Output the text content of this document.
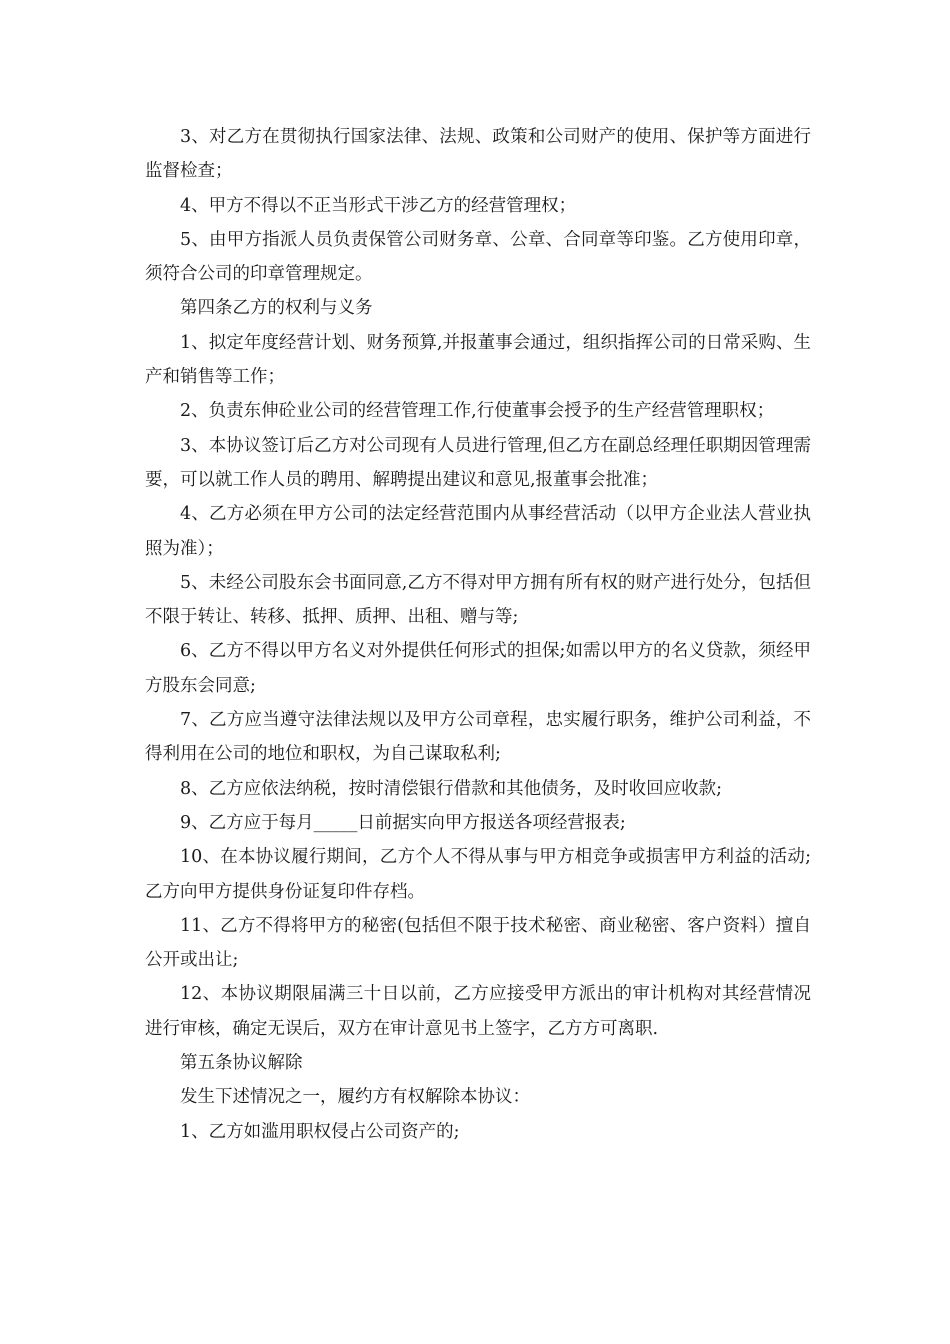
3、对乙方在贯彻执行国家法律、法规、政策和公司财产的使用、保护等方面进行监督检查；

4、甲方不得以不正当形式干涉乙方的经营管理权；

5、由甲方指派人员负责保管公司财务章、公章、合同章等印鉴。乙方使用印章，须符合公司的印章管理规定。

第四条乙方的权利与义务

1、拟定年度经营计划、财务预算,并报董事会通过，组织指挥公司的日常采购、生产和销售等工作；

2、负责东伸砼业公司的经营管理工作,行使董事会授予的生产经营管理职权；

3、本协议签订后乙方对公司现有人员进行管理,但乙方在副总经理任职期因管理需要，可以就工作人员的聘用、解聘提出建议和意见,报董事会批准；

4、乙方必须在甲方公司的法定经营范围内从事经营活动（以甲方企业法人营业执照为准）；

5、未经公司股东会书面同意,乙方不得对甲方拥有所有权的财产进行处分，包括但不限于转让、转移、抵押、质押、出租、赠与等;

6、乙方不得以甲方名义对外提供任何形式的担保;如需以甲方的名义贷款，须经甲方股东会同意;

7、乙方应当遵守法律法规以及甲方公司章程，忠实履行职务，维护公司利益，不得利用在公司的地位和职权，为自己谋取私利;

8、乙方应依法纳税，按时清偿银行借款和其他债务，及时收回应收款;

9、乙方应于每月_____日前据实向甲方报送各项经营报表;

10、在本协议履行期间，乙方个人不得从事与甲方相竞争或损害甲方利益的活动;乙方向甲方提供身份证复印件存档。

11、乙方不得将甲方的秘密(包括但不限于技术秘密、商业秘密、客户资料）擅自公开或出让;

12、本协议期限届满三十日以前，乙方应接受甲方派出的审计机构对其经营情况进行审核，确定无误后，双方在审计意见书上签字，乙方方可离职.

第五条协议解除

发生下述情况之一，履约方有权解除本协议：

1、乙方如滥用职权侵占公司资产的;
